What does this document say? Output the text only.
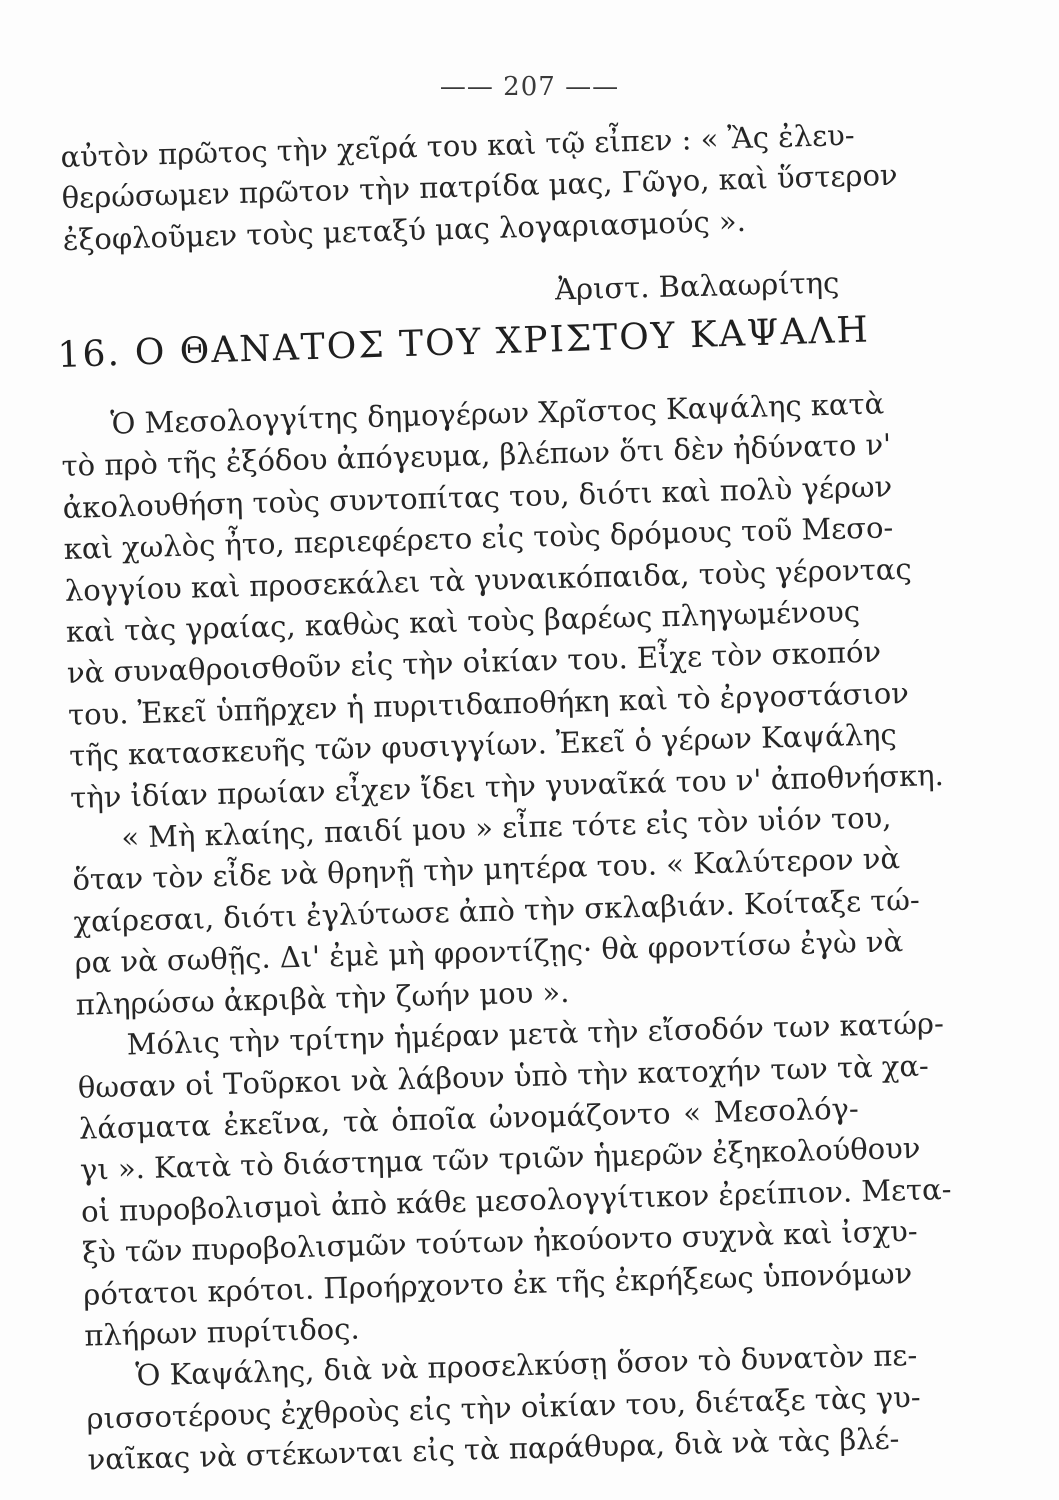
—— 207 ——
αὐτὸν πρῶτος τὴν χεῖρά του καὶ τῷ εἶπεν : « Ἂς ἐλευ-
θερώσωμεν πρῶτον τὴν πατρίδα μας, Γῶγο, καὶ ὕστερον
ἐξοφλοῦμεν τοὺς μεταξύ μας λογαριασμούς ».
Ἀριστ. Βαλαωρίτης
16. Ο ΘΑΝΑΤΟΣ ΤΟΥ ΧΡΙΣΤΟΥ ΚΑΨΑΛΗ
Ὁ Μεσολογγίτης δημογέρων Χρῖστος Καψάλης κατὰ
τὸ πρὸ τῆς ἐξόδου ἀπόγευμα, βλέπων ὅτι δὲν ἠδύνατο ν'
ἀκολουθήση τοὺς συντοπίτας του, διότι καὶ πολὺ γέρων
καὶ χωλὸς ἦτο, περιεφέρετο εἰς τοὺς δρόμους τοῦ Μεσο-
λογγίου καὶ προσεκάλει τὰ γυναικόπαιδα, τοὺς γέροντας
καὶ τὰς γραίας, καθὼς καὶ τοὺς βαρέως πληγωμένους
νὰ συναθροισθοῦν εἰς τὴν οἰκίαν του. Εἶχε τὸν σκοπόν
του. Ἐκεῖ ὑπῆρχεν ἡ πυριτιδαποθήκη καὶ τὸ ἐργοστάσιον
τῆς κατασκευῆς τῶν φυσιγγίων. Ἐκεῖ ὁ γέρων Καψάλης
τὴν ἰδίαν πρωίαν εἶχεν ἴδει τὴν γυναῖκά του ν' ἀποθνήσκη.
« Μὴ κλαίης, παιδί μου » εἶπε τότε εἰς τὸν υἱόν του,
ὅταν τὸν εἶδε νὰ θρηνῇ τὴν μητέρα του. « Καλύτερον νὰ
χαίρεσαι, διότι ἐγλύτωσε ἀπὸ τὴν σκλαβιάν. Κοίταξε τώ-
ρα νὰ σωθῇς. Δι' ἐμὲ μὴ φροντίζῃς· θὰ φροντίσω ἐγὼ νὰ
πληρώσω ἀκριβὰ τὴν ζωήν μου ».
Μόλις τὴν τρίτην ἡμέραν μετὰ τὴν εἴσοδόν των κατώρ-
θωσαν οἱ Τοῦρκοι νὰ λάβουν ὑπὸ τὴν κατοχήν των τὰ χα-
λάσματα ἐκεῖνα, τὰ ὁποῖα ὠνομάζοντο « Μεσολόγ-
γι ». Κατὰ τὸ διάστημα τῶν τριῶν ἡμερῶν ἐξηκολούθουν
οἱ πυροβολισμοὶ ἀπὸ κάθε μεσολογγίτικον ἐρείπιον. Μετα-
ξὺ τῶν πυροβολισμῶν τούτων ἠκούοντο συχνὰ καὶ ἰσχυ-
ρότατοι κρότοι. Προήρχοντο ἐκ τῆς ἐκρήξεως ὑπονόμων
πλήρων πυρίτιδος.
Ὁ Καψάλης, διὰ νὰ προσελκύσῃ ὅσον τὸ δυνατὸν πε-
ρισσοτέρους ἐχθροὺς εἰς τὴν οἰκίαν του, διέταξε τὰς γυ-
ναῖκας νὰ στέκωνται εἰς τὰ παράθυρα, διὰ νὰ τὰς βλέ-
